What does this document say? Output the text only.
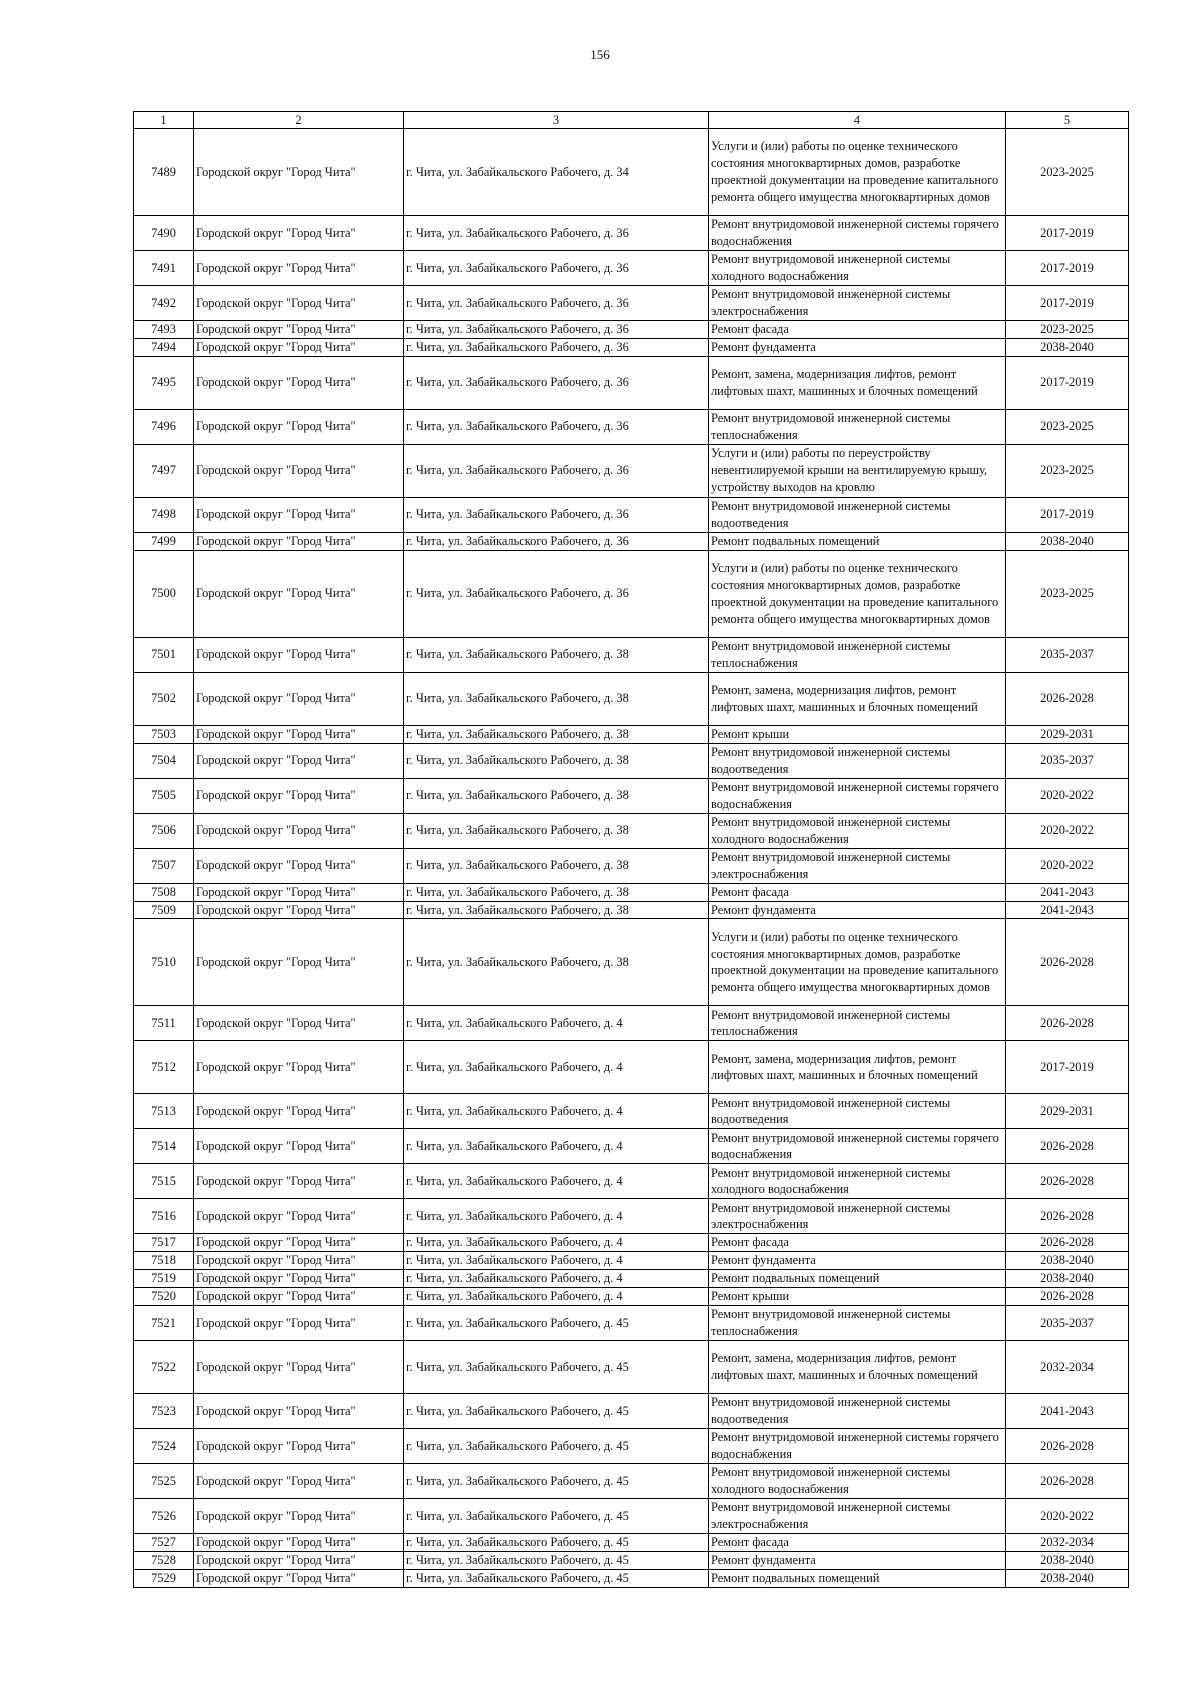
156
1	2	3	4	5
7489	Городской округ "Город Чита"	г. Чита, ул. Забайкальского Рабочего, д. 34	Услуги и (или) работы по оценке технического состояния многоквартирных домов, разработке проектной документации на проведение капитального ремонта общего имущества многоквартирных домов	2023-2025
7490	Городской округ "Город Чита"	г. Чита, ул. Забайкальского Рабочего, д. 36	Ремонт внутридомовой инженерной системы горячего водоснабжения	2017-2019
7491	Городской округ "Город Чита"	г. Чита, ул. Забайкальского Рабочего, д. 36	Ремонт внутридомовой инженерной системы холодного водоснабжения	2017-2019
7492	Городской округ "Город Чита"	г. Чита, ул. Забайкальского Рабочего, д. 36	Ремонт внутридомовой инженерной системы электроснабжения	2017-2019
7493	Городской округ "Город Чита"	г. Чита, ул. Забайкальского Рабочего, д. 36	Ремонт фасада	2023-2025
7494	Городской округ "Город Чита"	г. Чита, ул. Забайкальского Рабочего, д. 36	Ремонт фундамента	2038-2040
7495	Городской округ "Город Чита"	г. Чита, ул. Забайкальского Рабочего, д. 36	Ремонт, замена, модернизация лифтов, ремонт лифтовых шахт, машинных и блочных помещений	2017-2019
7496	Городской округ "Город Чита"	г. Чита, ул. Забайкальского Рабочего, д. 36	Ремонт внутридомовой инженерной системы теплоснабжения	2023-2025
7497	Городской округ "Город Чита"	г. Чита, ул. Забайкальского Рабочего, д. 36	Услуги и (или) работы по переустройству невентилируемой крыши на вентилируемую крышу, устройству выходов на кровлю	2023-2025
7498	Городской округ "Город Чита"	г. Чита, ул. Забайкальского Рабочего, д. 36	Ремонт внутридомовой инженерной системы водоотведения	2017-2019
7499	Городской округ "Город Чита"	г. Чита, ул. Забайкальского Рабочего, д. 36	Ремонт подвальных помещений	2038-2040
7500	Городской округ "Город Чита"	г. Чита, ул. Забайкальского Рабочего, д. 36	Услуги и (или) работы по оценке технического состояния многоквартирных домов, разработке проектной документации на проведение капитального ремонта общего имущества многоквартирных домов	2023-2025
7501	Городской округ "Город Чита"	г. Чита, ул. Забайкальского Рабочего, д. 38	Ремонт внутридомовой инженерной системы теплоснабжения	2035-2037
7502	Городской округ "Город Чита"	г. Чита, ул. Забайкальского Рабочего, д. 38	Ремонт, замена, модернизация лифтов, ремонт лифтовых шахт, машинных и блочных помещений	2026-2028
7503	Городской округ "Город Чита"	г. Чита, ул. Забайкальского Рабочего, д. 38	Ремонт крыши	2029-2031
7504	Городской округ "Город Чита"	г. Чита, ул. Забайкальского Рабочего, д. 38	Ремонт внутридомовой инженерной системы водоотведения	2035-2037
7505	Городской округ "Город Чита"	г. Чита, ул. Забайкальского Рабочего, д. 38	Ремонт внутридомовой инженерной системы горячего водоснабжения	2020-2022
7506	Городской округ "Город Чита"	г. Чита, ул. Забайкальского Рабочего, д. 38	Ремонт внутридомовой инженерной системы холодного водоснабжения	2020-2022
7507	Городской округ "Город Чита"	г. Чита, ул. Забайкальского Рабочего, д. 38	Ремонт внутридомовой инженерной системы электроснабжения	2020-2022
7508	Городской округ "Город Чита"	г. Чита, ул. Забайкальского Рабочего, д. 38	Ремонт фасада	2041-2043
7509	Городской округ "Город Чита"	г. Чита, ул. Забайкальского Рабочего, д. 38	Ремонт фундамента	2041-2043
7510	Городской округ "Город Чита"	г. Чита, ул. Забайкальского Рабочего, д. 38	Услуги и (или) работы по оценке технического состояния многоквартирных домов, разработке проектной документации на проведение капитального ремонта общего имущества многоквартирных домов	2026-2028
7511	Городской округ "Город Чита"	г. Чита, ул. Забайкальского Рабочего, д. 4	Ремонт внутридомовой инженерной системы теплоснабжения	2026-2028
7512	Городской округ "Город Чита"	г. Чита, ул. Забайкальского Рабочего, д. 4	Ремонт, замена, модернизация лифтов, ремонт лифтовых шахт, машинных и блочных помещений	2017-2019
7513	Городской округ "Город Чита"	г. Чита, ул. Забайкальского Рабочего, д. 4	Ремонт внутридомовой инженерной системы водоотведения	2029-2031
7514	Городской округ "Город Чита"	г. Чита, ул. Забайкальского Рабочего, д. 4	Ремонт внутридомовой инженерной системы горячего водоснабжения	2026-2028
7515	Городской округ "Город Чита"	г. Чита, ул. Забайкальского Рабочего, д. 4	Ремонт внутридомовой инженерной системы холодного водоснабжения	2026-2028
7516	Городской округ "Город Чита"	г. Чита, ул. Забайкальского Рабочего, д. 4	Ремонт внутридомовой инженерной системы электроснабжения	2026-2028
7517	Городской округ "Город Чита"	г. Чита, ул. Забайкальского Рабочего, д. 4	Ремонт фасада	2026-2028
7518	Городской округ "Город Чита"	г. Чита, ул. Забайкальского Рабочего, д. 4	Ремонт фундамента	2038-2040
7519	Городской округ "Город Чита"	г. Чита, ул. Забайкальского Рабочего, д. 4	Ремонт подвальных помещений	2038-2040
7520	Городской округ "Город Чита"	г. Чита, ул. Забайкальского Рабочего, д. 4	Ремонт крыши	2026-2028
7521	Городской округ "Город Чита"	г. Чита, ул. Забайкальского Рабочего, д. 45	Ремонт внутридомовой инженерной системы теплоснабжения	2035-2037
7522	Городской округ "Город Чита"	г. Чита, ул. Забайкальского Рабочего, д. 45	Ремонт, замена, модернизация лифтов, ремонт лифтовых шахт, машинных и блочных помещений	2032-2034
7523	Городской округ "Город Чита"	г. Чита, ул. Забайкальского Рабочего, д. 45	Ремонт внутридомовой инженерной системы водоотведения	2041-2043
7524	Городской округ "Город Чита"	г. Чита, ул. Забайкальского Рабочего, д. 45	Ремонт внутридомовой инженерной системы горячего водоснабжения	2026-2028
7525	Городской округ "Город Чита"	г. Чита, ул. Забайкальского Рабочего, д. 45	Ремонт внутридомовой инженерной системы холодного водоснабжения	2026-2028
7526	Городской округ "Город Чита"	г. Чита, ул. Забайкальского Рабочего, д. 45	Ремонт внутридомовой инженерной системы электроснабжения	2020-2022
7527	Городской округ "Город Чита"	г. Чита, ул. Забайкальского Рабочего, д. 45	Ремонт фасада	2032-2034
7528	Городской округ "Город Чита"	г. Чита, ул. Забайкальского Рабочего, д. 45	Ремонт фундамента	2038-2040
7529	Городской округ "Город Чита"	г. Чита, ул. Забайкальского Рабочего, д. 45	Ремонт подвальных помещений	2038-2040
